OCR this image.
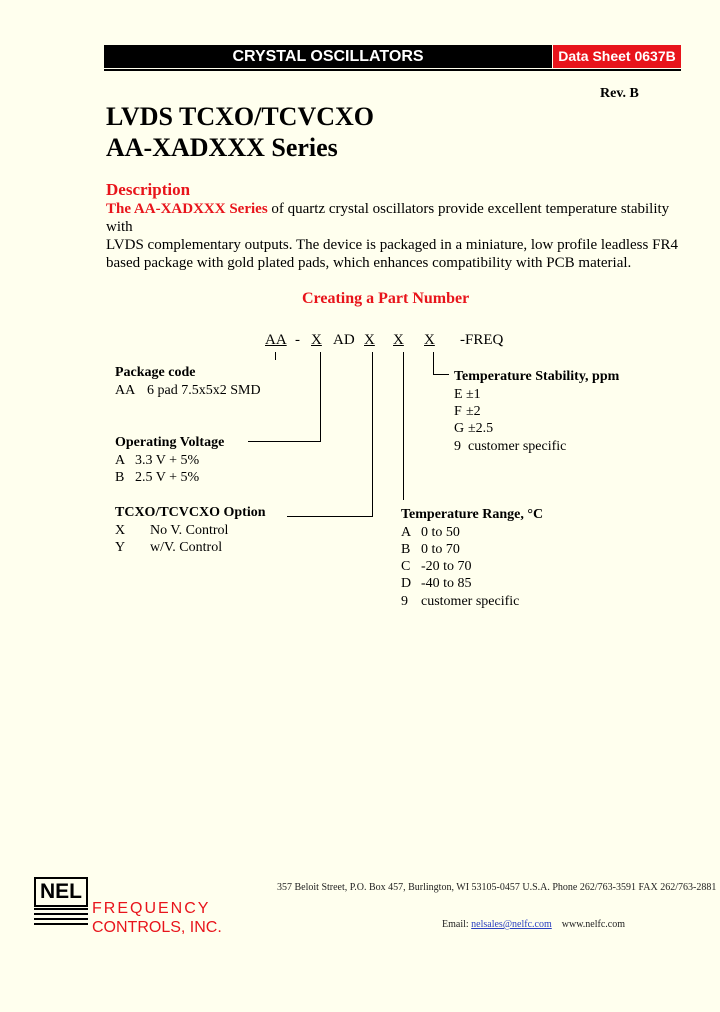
CRYSTAL OSCILLATORS	Data Sheet 0637B
Rev. B
LVDS TCXO/TCVCXO
AA-XADXXX Series
Description
The AA-XADXXX Series of quartz crystal oscillators provide excellent temperature stability with
LVDS complementary outputs. The device is packaged in a miniature, low profile leadless FR4
based package with gold plated pads, which enhances compatibility with PCB material.
Creating a Part Number
AA - X AD X X X -FREQ
Package code
AA 6 pad 7.5x5x2 SMD
Operating Voltage
A 3.3 V + 5%
B 2.5 V + 5%
TCXO/TCVCXO Option
X No V. Control
Y w/V. Control
Temperature Stability, ppm
E ±1
F ±2
G ±2.5
9 customer specific
Temperature Range, °C
A 0 to 50
B 0 to 70
C -20 to 70
D -40 to 85
9 customer specific
NEL
FREQUENCY
CONTROLS, INC.
357 Beloit Street, P.O. Box 457, Burlington, WI 53105-0457 U.S.A. Phone 262/763-3591 FAX 262/763-2881
Email: nelsales@nelfc.com www.nelfc.com
